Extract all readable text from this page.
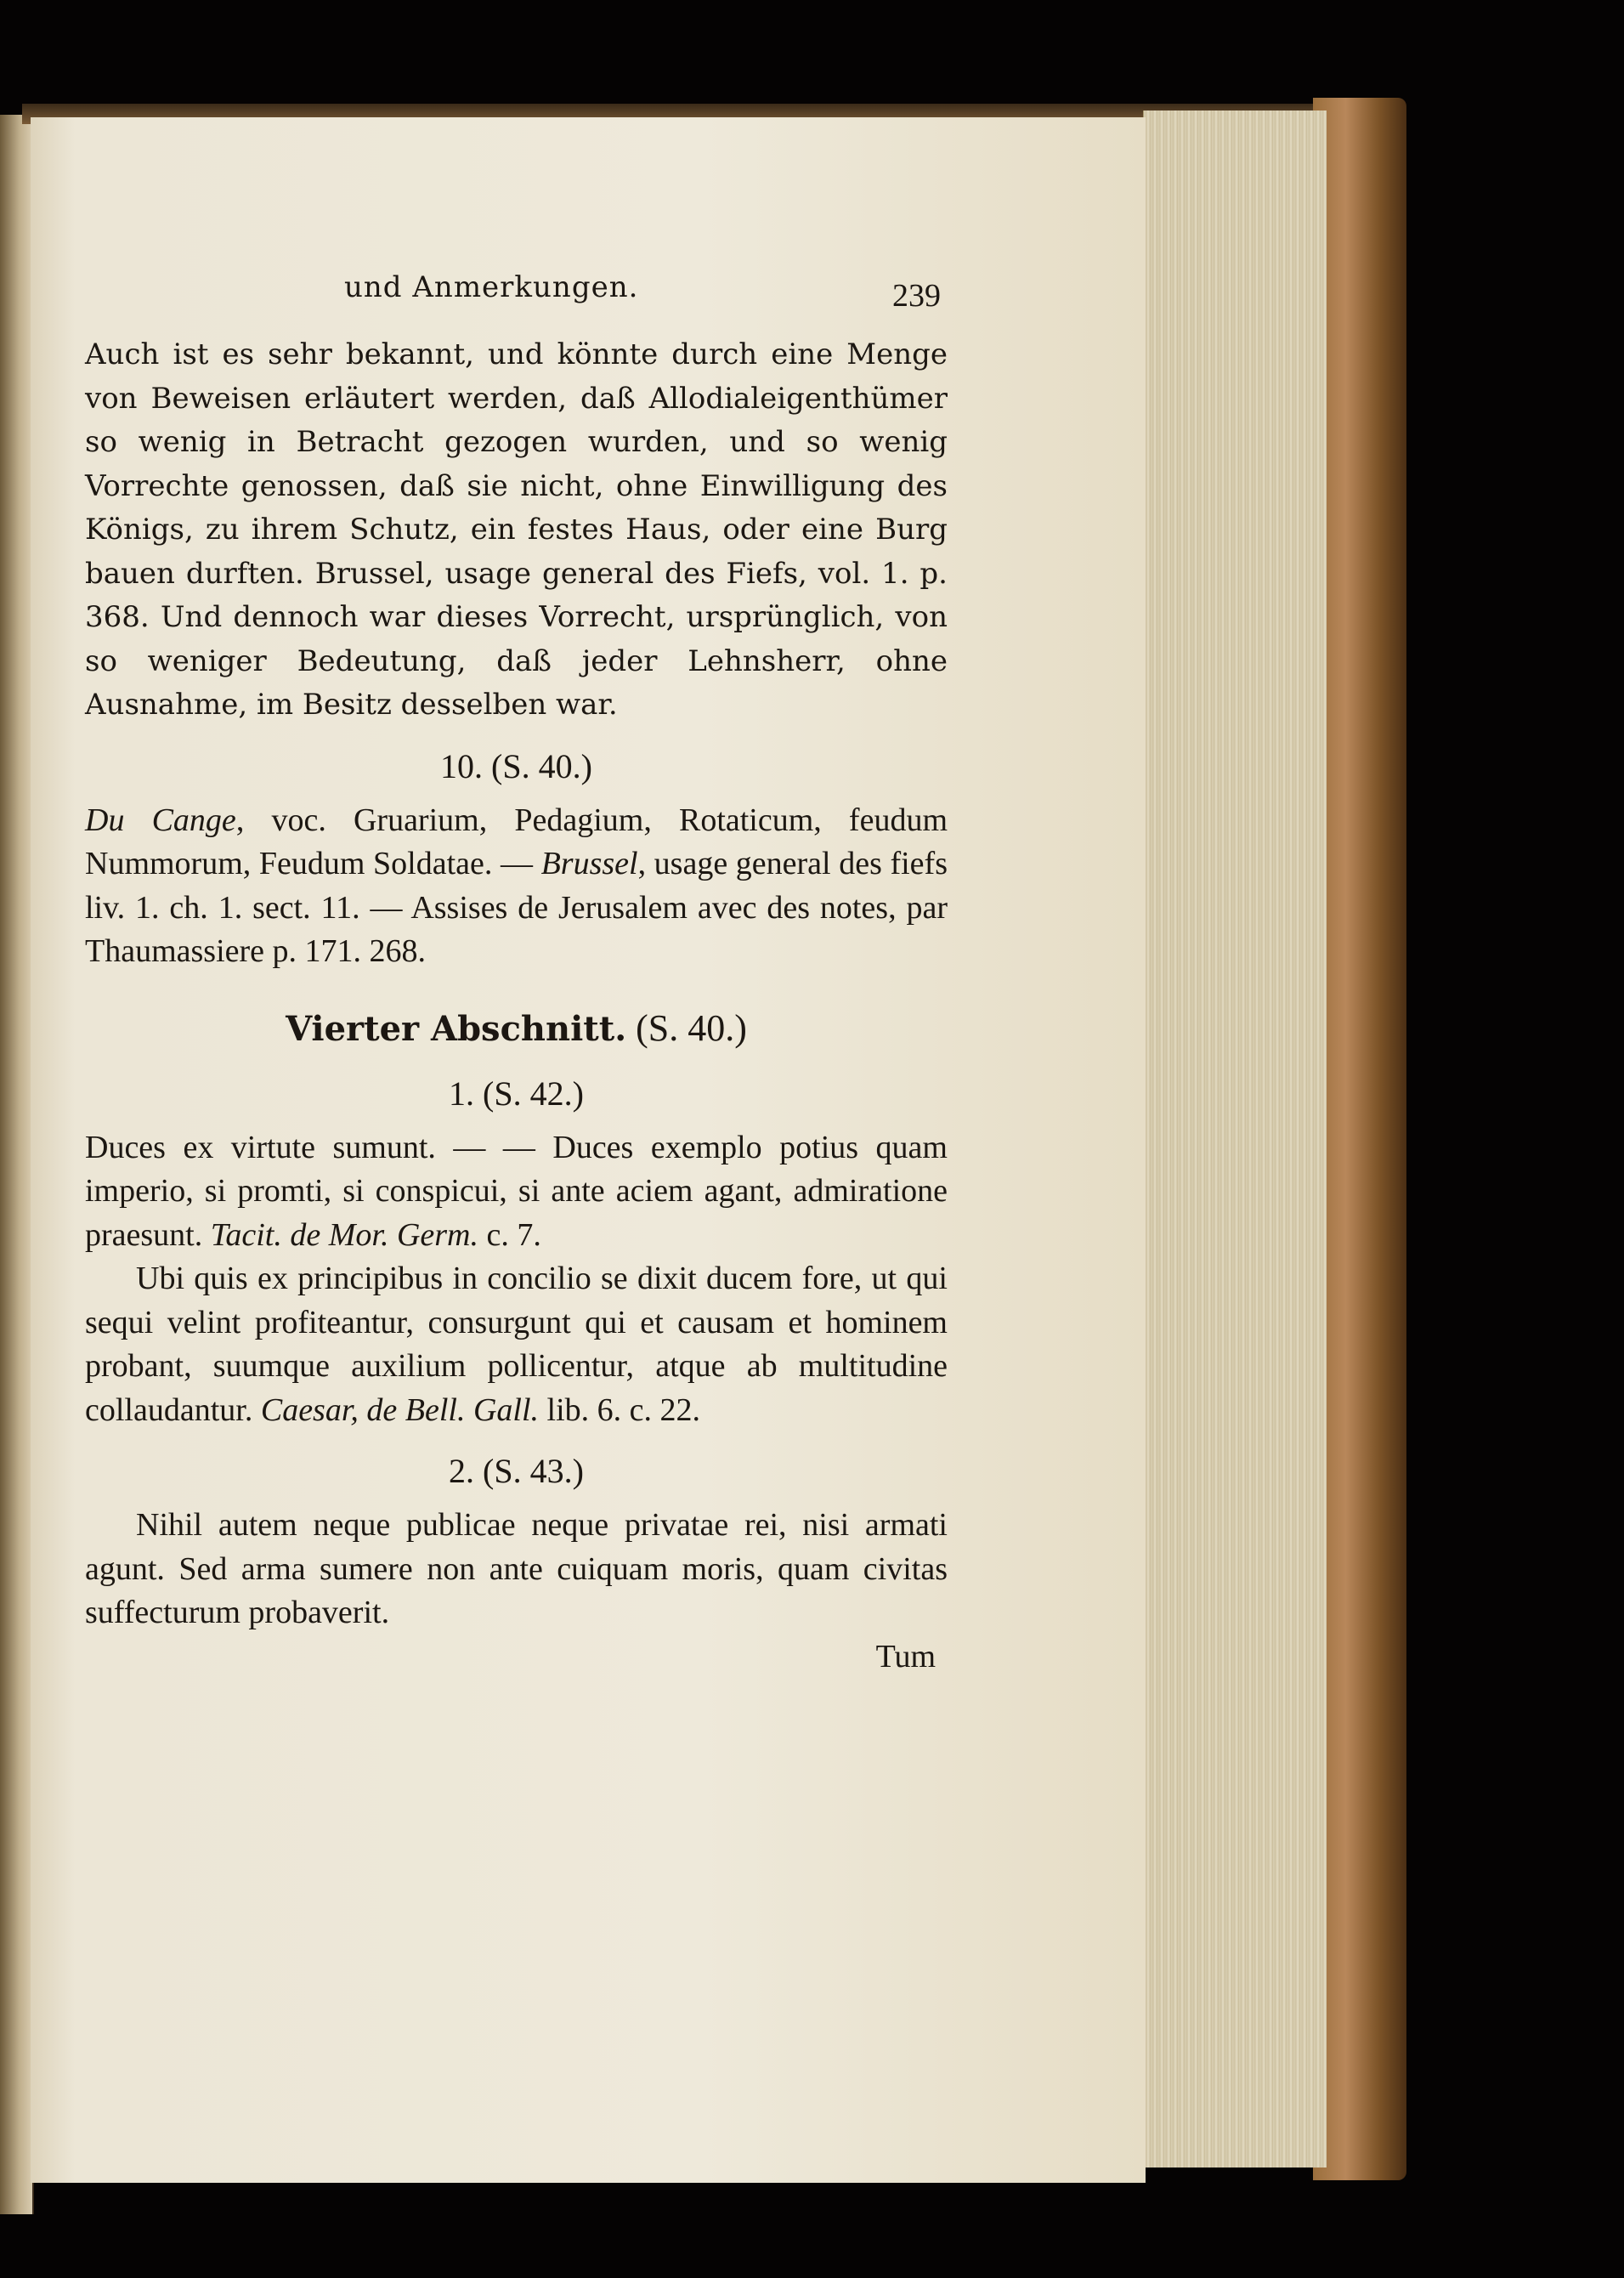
und Anmerkungen.	239

Auch ist es sehr bekannt, und könnte durch eine Menge von Beweisen erläutert werden, daß Allodialeigenthümer so wenig in Betracht gezogen wurden, und so wenig Vorrechte genossen, daß sie nicht, ohne Einwilligung des Königs, zu ihrem Schutz, ein festes Haus, oder eine Burg bauen durften. Brussel, usage general des Fiefs, vol. 1. p. 368. Und dennoch war dieses Vorrecht, ursprünglich, von so weniger Bedeutung, daß jeder Lehnsherr, ohne Ausnahme, im Besitz desselben war.

10. (S. 40.)

Du Cange, voc. Gruarium, Pedagium, Rotaticum, feudum Nummorum, Feudum Soldatae. — Brussel, usage general des fiefs liv. 1. ch. 1. sect. 11. — Assises de Jerusalem avec des notes, par Thaumassiere p. 171. 268.

Vierter Abschnitt. (S. 40.)
1. (S. 42.)

Duces ex virtute sumunt. — — Duces exemplo potius quam imperio, si promti, si conspicui, si ante aciem agant, admiratione praesunt. Tacit. de Mor. Germ. c. 7.

Ubi quis ex principibus in concilio se dixit ducem fore, ut qui sequi velint profiteantur, consurgunt qui et causam et hominem probant, suumque auxilium pollicentur, atque ab multitudine collaudantur. Caesar, de Bell. Gall. lib. 6. c. 22.

2. (S. 43.)

Nihil autem neque publicae neque privatae rei, nisi armati agunt. Sed arma sumere non ante cuiquam moris, quam civitas suffecturum probaverit.

Tum
